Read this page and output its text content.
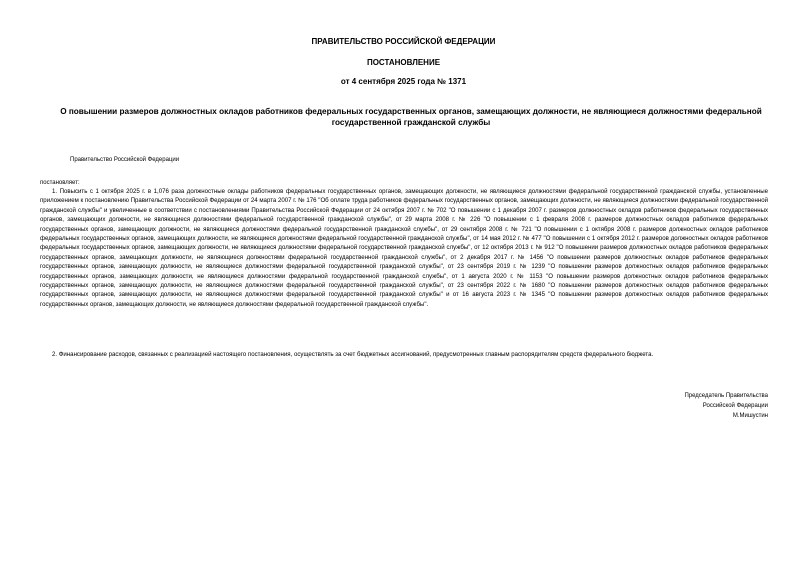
ПРАВИТЕЛЬСТВО РОССИЙСКОЙ ФЕДЕРАЦИИ
ПОСТАНОВЛЕНИЕ
от 4 сентября 2025 года № 1371
О повышении размеров должностных окладов работников федеральных государственных органов, замещающих должности, не являющиеся должностями федеральной государственной гражданской службы
Правительство Российской Федерации
постановляет:
1. Повысить с 1 октября 2025 г. в 1,076 раза должностные оклады работников федеральных государственных органов, замещающих должности, не являющиеся должностями федеральной государственной гражданской службы, установленные приложением к постановлению Правительства Российской Федерации от 24 марта 2007 г. № 176 "Об оплате труда работников федеральных государственных органов, замещающих должности, не являющиеся должностями федеральной государственной гражданской службы" и увеличенные в соответствии с постановлениями Правительства Российской Федерации от 24 октября 2007 г. № 702 "О повышении с 1 декабря 2007 г. размеров должностных окладов работников федеральных государственных органов, замещающих должности, не являющиеся должностями федеральной государственной гражданской службы", от 29 марта 2008 г. № 226 "О повышении с 1 февраля 2008 г. размеров должностных окладов работников федеральных государственных органов, замещающих должности, не являющиеся должностями федеральной государственной гражданской службы", от 29 сентября 2008 г. № 721 "О повышении с 1 октября 2008 г. размеров должностных окладов работников федеральных государственных органов, замещающих должности, не являющиеся должностями федеральной государственной гражданской службы", от 14 мая 2012 г. № 477 "О повышении с 1 октября 2012 г. размеров должностных окладов работников федеральных государственных органов, замещающих должности, не являющиеся должностями федеральной государственной гражданской службы", от 12 октября 2013 г. № 912 "О повышении размеров должностных окладов работников федеральных государственных органов, замещающих должности, не являющиеся должностями федеральной государственной гражданской службы", от 2 декабря 2017 г. № 1456 "О повышении размеров должностных окладов работников федеральных государственных органов, замещающих должности, не являющиеся должностями федеральной государственной гражданской службы", от 23 сентября 2019 г. № 1239 "О повышении размеров должностных окладов работников федеральных государственных органов, замещающих должности, не являющиеся должностями федеральной государственной гражданской службы", от 1 августа 2020 г. № 1153 "О повышении размеров должностных окладов работников федеральных государственных органов, замещающих должности, не являющиеся должностями федеральной государственной гражданской службы", от 23 сентября 2022 г. № 1680 "О повышении размеров должностных окладов работников федеральных государственных органов, замещающих должности, не являющиеся должностями федеральной государственной гражданской службы" и от 16 августа 2023 г. № 1345 "О повышении размеров должностных окладов работников федеральных государственных органов, замещающих должности, не являющиеся должностями федеральной государственной гражданской службы".
2. Финансирование расходов, связанных с реализацией настоящего постановления, осуществлять за счет бюджетных ассигнований, предусмотренных главным распорядителям средств федерального бюджета.
Председатель Правительства
Российской Федерации
М.Мишустин
